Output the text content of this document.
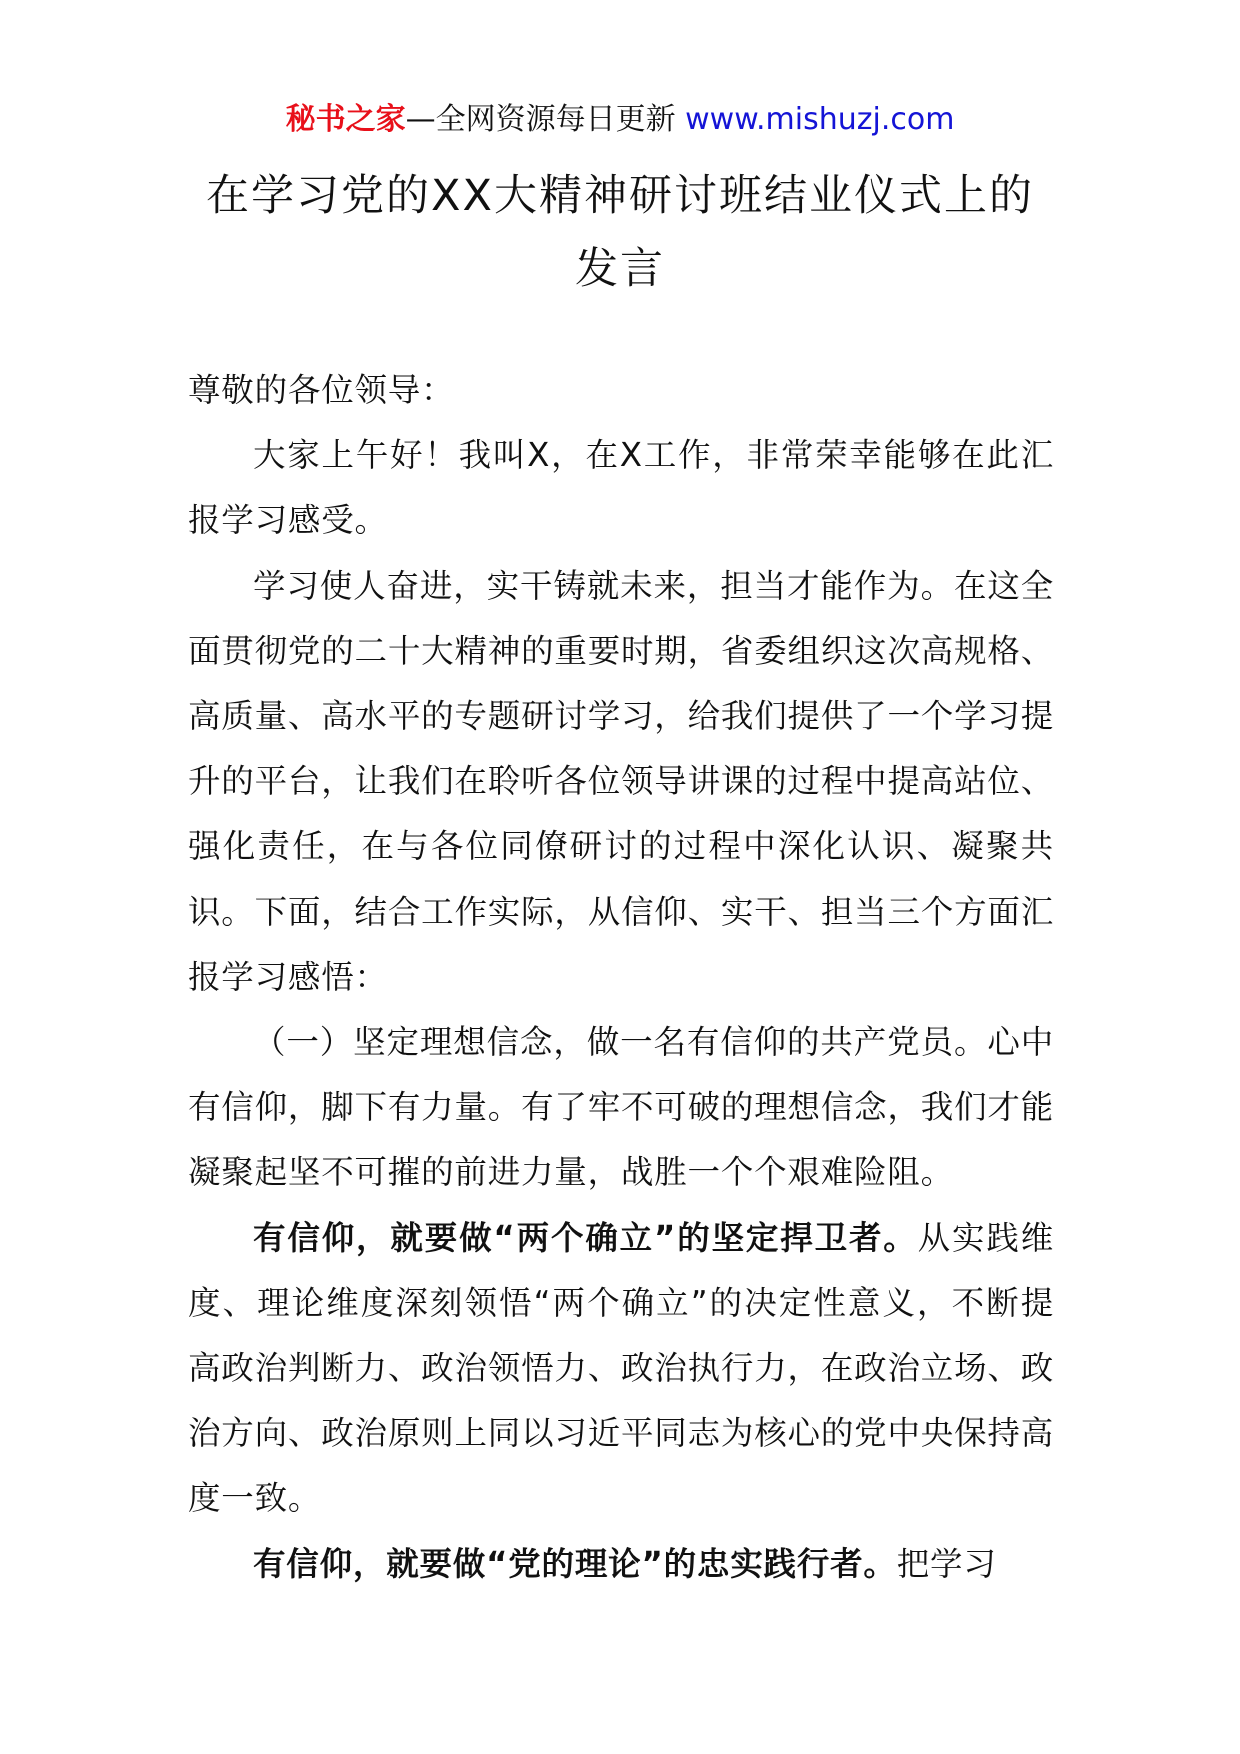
秘书之家—全网资源每日更新 www.mishuzj.com
在学习党的XX大精神研讨班结业仪式上的发言

尊敬的各位领导：

大家上午好！我叫X，在X工作，非常荣幸能够在此汇报学习感受。

学习使人奋进，实干铸就未来，担当才能作为。在这全面贯彻党的二十大精神的重要时期，省委组织这次高规格、高质量、高水平的专题研讨学习，给我们提供了一个学习提升的平台，让我们在聆听各位领导讲课的过程中提高站位、强化责任，在与各位同僚研讨的过程中深化认识、凝聚共识。下面，结合工作实际，从信仰、实干、担当三个方面汇报学习感悟：

（一）坚定理想信念，做一名有信仰的共产党员。心中有信仰，脚下有力量。有了牢不可破的理想信念，我们才能凝聚起坚不可摧的前进力量，战胜一个个艰难险阻。

有信仰，就要做“两个确立”的坚定捍卫者。从实践维度、理论维度深刻领悟“两个确立”的决定性意义，不断提高政治判断力、政治领悟力、政治执行力，在政治立场、政治方向、政治原则上同以习近平同志为核心的党中央保持高度一致。

有信仰，就要做“党的理论”的忠实践行者。把学习
